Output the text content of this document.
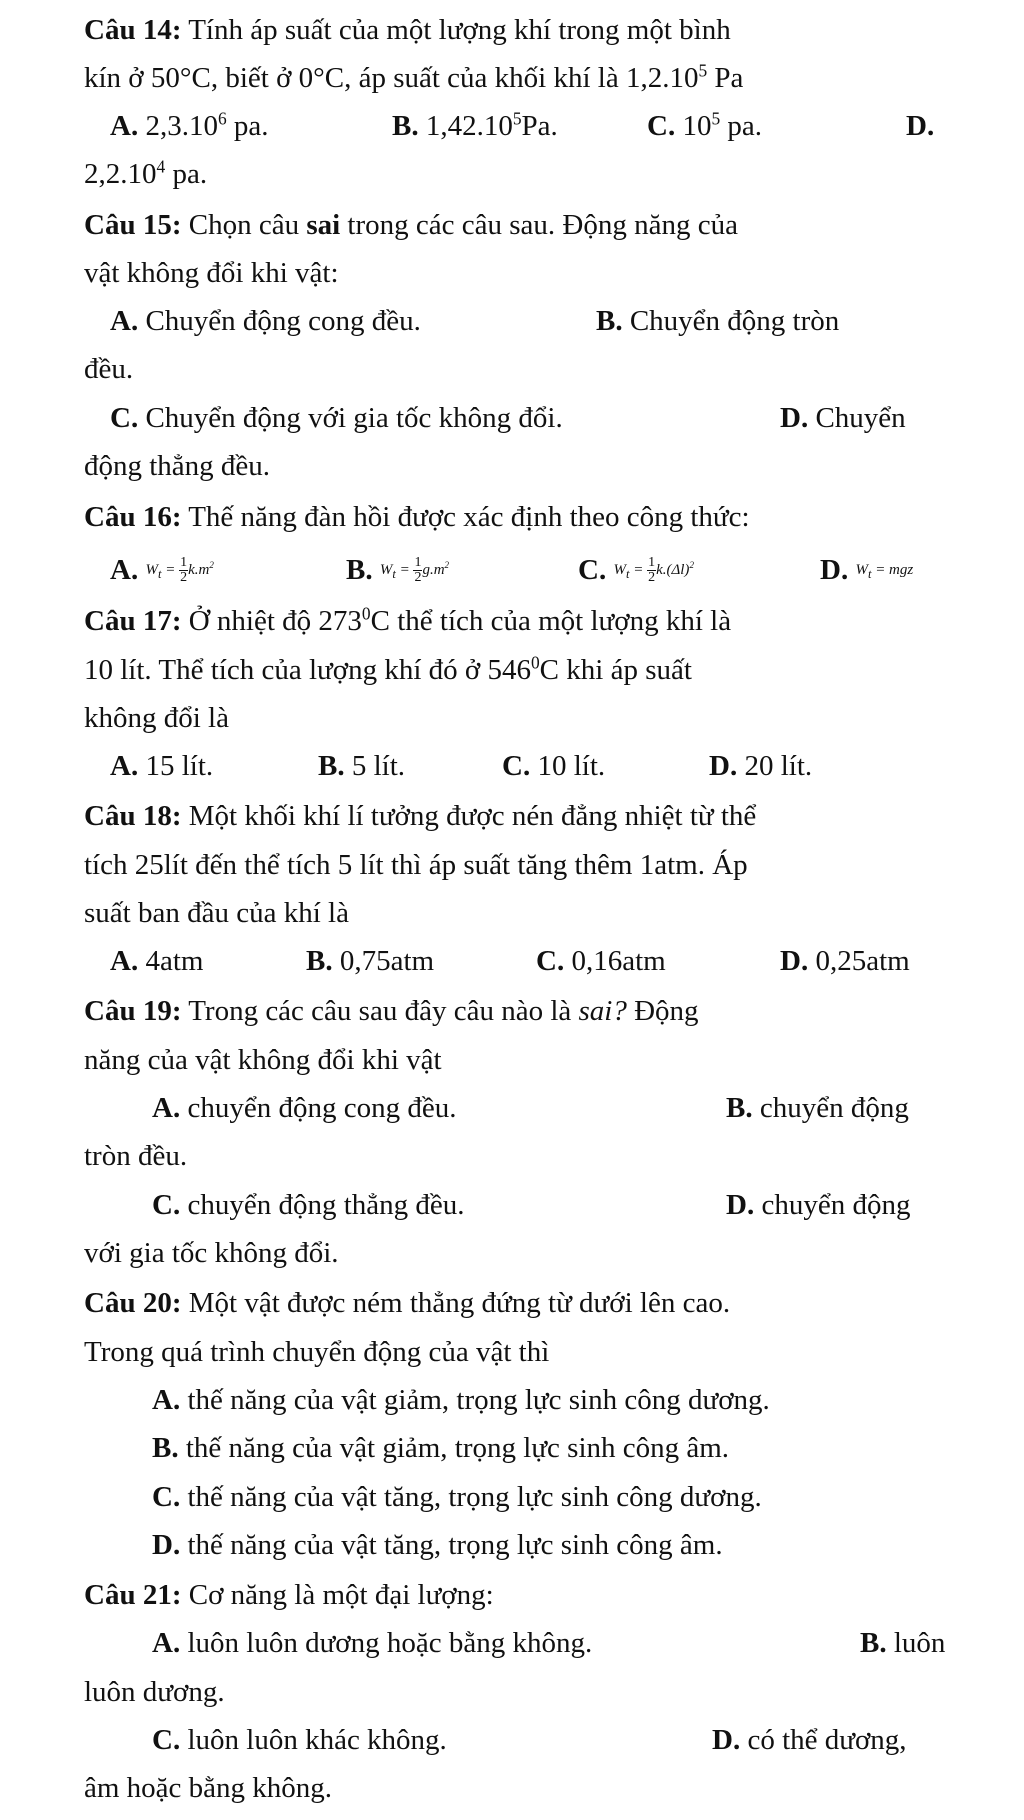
Câu 14: Tính áp suất của một lượng khí trong một bình
kín ở 50°C, biết ở 0°C, áp suất của khối khí là 1,2.10$^5$ Pa
A. 2,3.10$^6$ pa.	B. 1,42.10$^5$Pa.	C. $10^5$ pa.	D.
2,2.10$^4$ pa.
Câu 15: Chọn câu sai trong các câu sau. Động năng của
vật không đổi khi vật:
A. Chuyển động cong đều.	B. Chuyển động tròn
đều.
C. Chuyển động với gia tốc không đổi.	D. Chuyển
động thẳng đều.
Câu 16: Thế năng đàn hồi được xác định theo công thức:
A. $W_t = \frac{1}{2} k.m^2$	B. $W_t = \frac{1}{2} g.m^2$	C. $W_t = \frac{1}{2} k.(\Delta l)^2$	D. $W_t$ = mgz
Câu 17: Ở nhiệt độ $273^0C$ thể tích của một lượng khí là
10 lít. Thể tích của lượng khí đó ở $546^0C$ khi áp suất
không đổi là
A. 15 lít.	B. 5 lít.	C. 10 lít.	D. 20 lít.
Câu 18: Một khối khí lí tưởng được nén đẳng nhiệt từ thể
tích 25lít đến thể tích 5 lít thì áp suất tăng thêm 1atm. Áp
suất ban đầu của khí là
A. 4atm	B. 0,75atm	C. 0,16atm	D. 0,25atm
Câu 19: Trong các câu sau đây câu nào là sai? Động
năng của vật không đổi khi vật
A. chuyển động cong đều.	B. chuyển động
tròn đều.
C. chuyển động thẳng đều.	D. chuyển động
với gia tốc không đổi.
Câu 20: Một vật được ném thẳng đứng từ dưới lên cao.
Trong quá trình chuyển động của vật thì
A. thế năng của vật giảm, trọng lực sinh công dương.
B. thế năng của vật giảm, trọng lực sinh công âm.
C. thế năng của vật tăng, trọng lực sinh công dương.
D. thế năng của vật tăng, trọng lực sinh công âm.
Câu 21: Cơ năng là một đại lượng:
A. luôn luôn dương hoặc bằng không.	B. luôn
luôn dương.
C. luôn luôn khác không.	D. có thể dương,
âm hoặc bằng không.
